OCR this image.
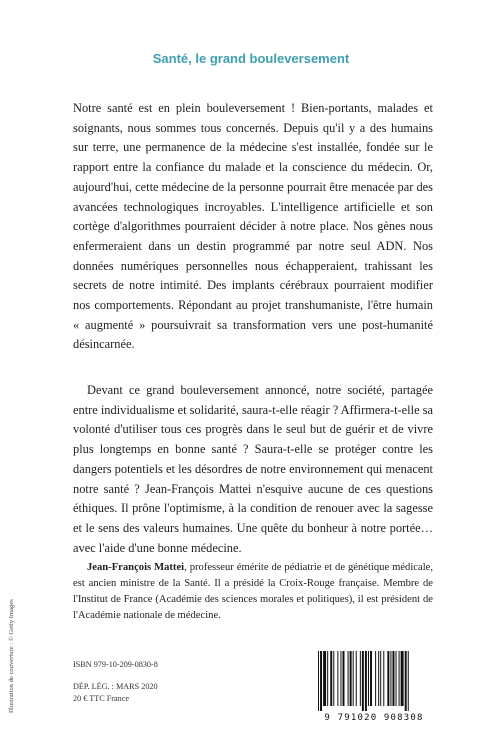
Santé, le grand bouleversement

Notre santé est en plein bouleversement ! Bien-portants, malades et soignants, nous sommes tous concernés. Depuis qu'il y a des humains sur terre, une permanence de la médecine s'est installée, fondée sur le rapport entre la confiance du malade et la conscience du médecin. Or, aujourd'hui, cette médecine de la personne pourrait être menacée par des avancées technologiques incroyables. L'intelligence artificielle et son cortège d'algorithmes pourraient décider à notre place. Nos gènes nous enfermeraient dans un destin programmé par notre seul ADN. Nos données numériques personnelles nous échapperaient, trahissant les secrets de notre intimité. Des implants cérébraux pourraient modifier nos comportements. Répondant au projet transhumaniste, l'être humain « augmenté » poursuivrait sa transformation vers une post-humanité désincarnée.

Devant ce grand bouleversement annoncé, notre société, partagée entre individualisme et solidarité, saura-t-elle réagir ? Affirmera-t-elle sa volonté d'utiliser tous ces progrès dans le seul but de guérir et de vivre plus longtemps en bonne santé ? Saura-t-elle se protéger contre les dangers potentiels et les désordres de notre environnement qui menacent notre santé ? Jean-François Mattei n'esquive aucune de ces questions éthiques. Il prône l'optimisme, à la condition de renouer avec la sagesse et le sens des valeurs humaines. Une quête du bonheur à notre portée… avec l'aide d'une bonne médecine.

Jean-François Mattei, professeur émérite de pédiatrie et de génétique médicale, est ancien ministre de la Santé. Il a présidé la Croix-Rouge française. Membre de l'Institut de France (Académie des sciences morales et politiques), il est président de l'Académie nationale de médecine.

ISBN 979-10-209-0830-8
DÉP. LÉG. : MARS 2020
20 € TTC France
Illustration de couverture : © Getty Images
9 791020 908308
